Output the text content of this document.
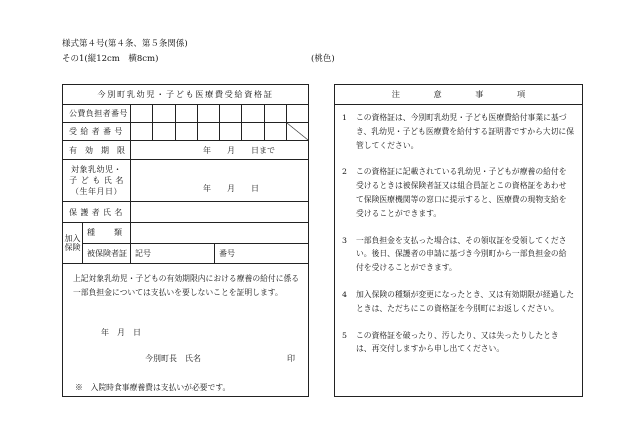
様式第４号(第４条、第５条関係)
その1(縦12cm　横8cm)	(桃色)
今別町乳幼児・子ども医療費受給資格証
公費負担者番号
受 給 者 番 号
有　効　期　限	年　　月　　日まで
対象乳幼児・
子 ど も 氏 名
（生年月日）	年　　月　　日
保 護 者 氏 名
加入
保険
種　　類
被保険者証	記号	番号
上記対象乳幼児・子どもの有効期限内における療養の給付に係る一部負担金については支払いを要しないことを証明します。
年　月　日
今別町長　氏名	印
※　入院時食事療養費は支払いが必要です。
注	意	事	項
1	この資格証は、今別町乳幼児・子ども医療費給付事業に基づき、乳幼児・子ども医療費を給付する証明書ですから大切に保管してください。
2	この資格証に記載されている乳幼児・子どもが療養の給付を受けるときは被保険者証又は組合員証とこの資格証をあわせて保険医療機関等の窓口に提示すると、医療費の現物支給を受けることができます。
3	一部負担金を支払った場合は、その領収証を受領してください。後日、保護者の申請に基づき今別町から一部負担金の給付を受けることができます。
4	加入保険の種類が変更になったとき、又は有効期限が経過したときは、ただちにこの資格証を今別町にお返しください。
5	この資格証を破ったり、汚したり、又は失ったりしたときは、再交付しますから申し出てください。
